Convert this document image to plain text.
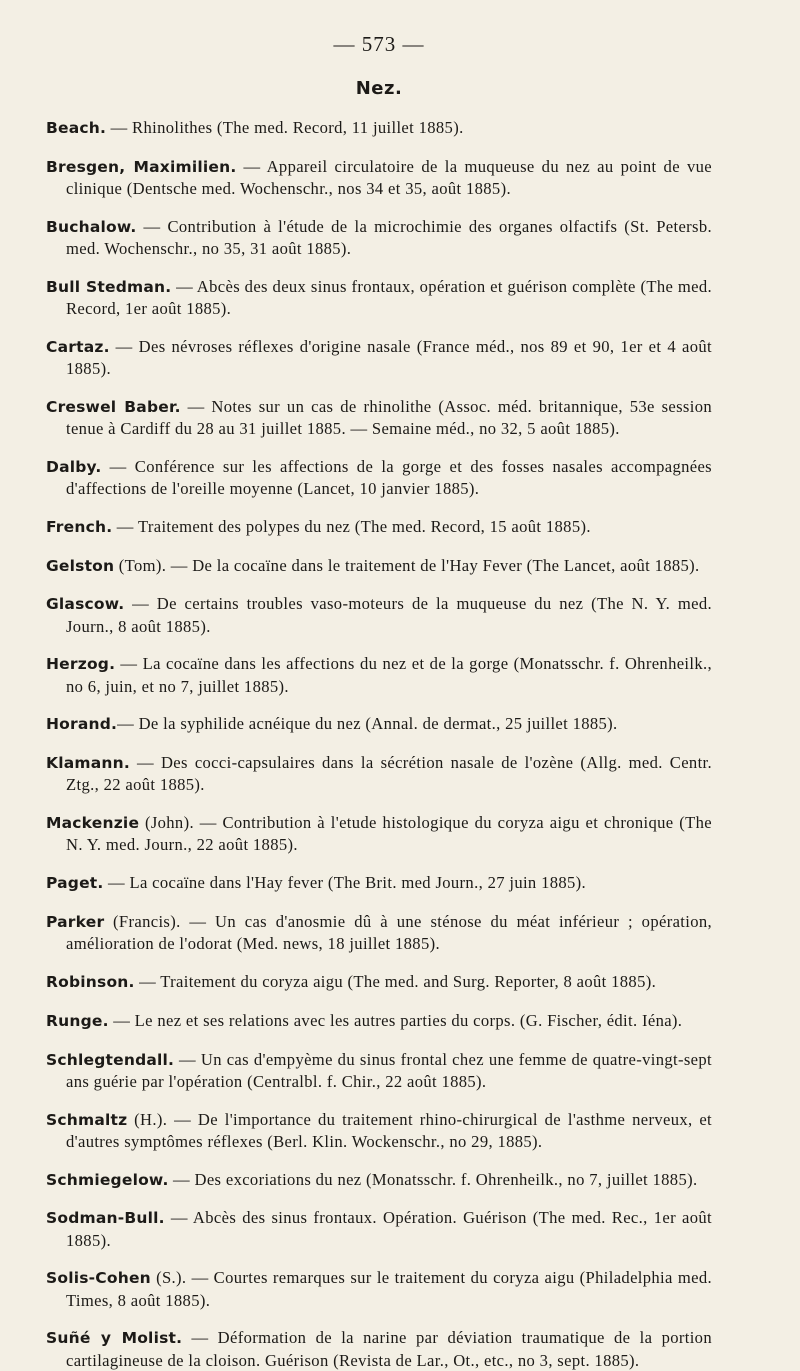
— 573 —
Nez.

Beach. — Rhinolithes (The med. Record, 11 juillet 1885).

Bresgen, Maximilien. — Appareil circulatoire de la muqueuse du nez au point de vue clinique (Dentsche med. Wochenschr., nos 34 et 35, août 1885).

Buchalow. — Contribution à l'étude de la microchimie des organes olfactifs (St. Petersb. med. Wochenschr., no 35, 31 août 1885).

Bull Stedman. — Abcès des deux sinus frontaux, opération et guérison complète (The med. Record, 1er août 1885).

Cartaz. — Des névroses réflexes d'origine nasale (France méd., nos 89 et 90, 1er et 4 août 1885).

Creswel Baber. — Notes sur un cas de rhinolithe (Assoc. méd. britannique, 53e session tenue à Cardiff du 28 au 31 juillet 1885. — Semaine méd., no 32, 5 août 1885).

Dalby. — Conférence sur les affections de la gorge et des fosses nasales accompagnées d'affections de l'oreille moyenne (Lancet, 10 janvier 1885).

French. — Traitement des polypes du nez (The med. Record, 15 août 1885).

Gelston (Tom). — De la cocaïne dans le traitement de l'Hay Fever (The Lancet, août 1885).

Glascow. — De certains troubles vaso-moteurs de la muqueuse du nez (The N. Y. med. Journ., 8 août 1885).

Herzog. — La cocaïne dans les affections du nez et de la gorge (Monatsschr. f. Ohrenheilk., no 6, juin, et no 7, juillet 1885).

Horand.— De la syphilide acnéique du nez (Annal. de dermat., 25 juillet 1885).

Klamann. — Des cocci-capsulaires dans la sécrétion nasale de l'ozène (Allg. med. Centr. Ztg., 22 août 1885).

Mackenzie (John). — Contribution à l'etude histologique du coryza aigu et chronique (The N. Y. med. Journ., 22 août 1885).

Paget. — La cocaïne dans l'Hay fever (The Brit. med Journ., 27 juin 1885).

Parker (Francis). — Un cas d'anosmie dû à une sténose du méat inférieur ; opération, amélioration de l'odorat (Med. news, 18 juillet 1885).

Robinson. — Traitement du coryza aigu (The med. and Surg. Reporter, 8 août 1885).

Runge. — Le nez et ses relations avec les autres parties du corps. (G. Fischer, édit. Iéna).

Schlegtendall. — Un cas d'empyème du sinus frontal chez une femme de quatre-vingt-sept ans guérie par l'opération (Centralbl. f. Chir., 22 août 1885).

Schmaltz (H.). — De l'importance du traitement rhino-chirurgical de l'asthme nerveux, et d'autres symptômes réflexes (Berl. Klin. Wockenschr., no 29, 1885).

Schmiegelow. — Des excoriations du nez (Monatsschr. f. Ohrenheilk., no 7, juillet 1885).

Sodman-Bull. — Abcès des sinus frontaux. Opération. Guérison (The med. Rec., 1er août 1885).

Solis-Cohen (S.). — Courtes remarques sur le traitement du coryza aigu (Philadelphia med. Times, 8 août 1885).

Suñé y Molist. — Déformation de la narine par déviation traumatique de la portion cartilagineuse de la cloison. Guérison (Revista de Lar., Ot., etc., no 3, sept. 1885).
